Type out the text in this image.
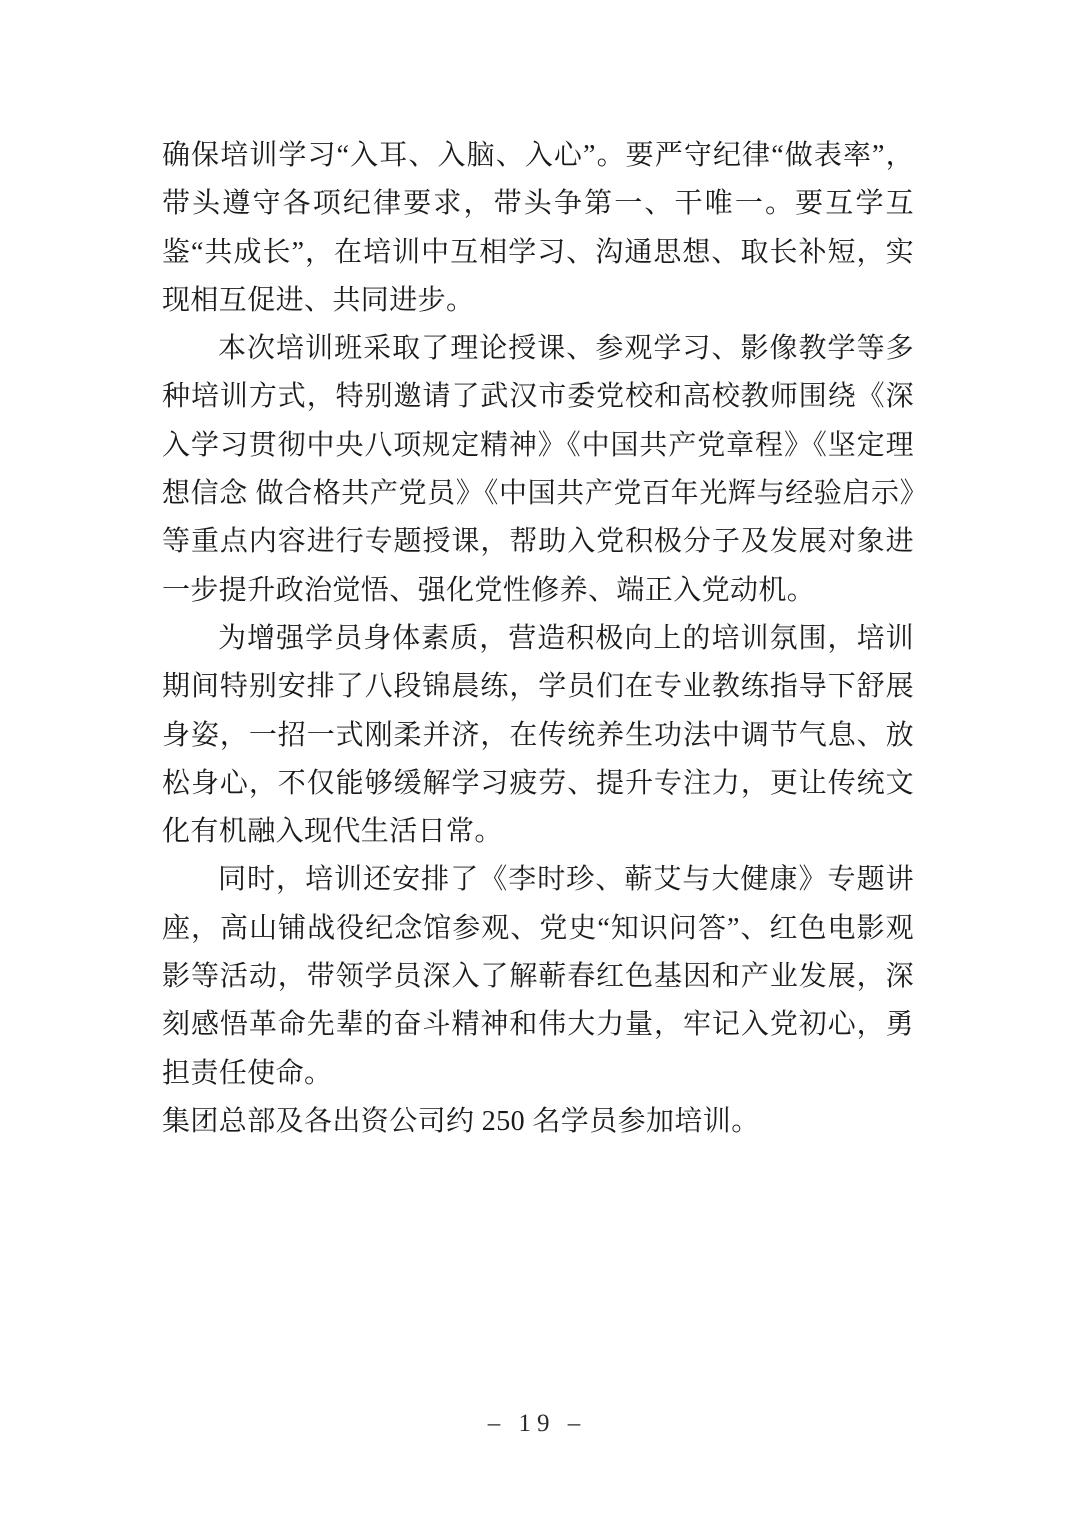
确保培训学习“入耳、入脑、入心”。要严守纪律“做表率”，带头遵守各项纪律要求，带头争第一、干唯一。要互学互鉴“共成长”，在培训中互相学习、沟通思想、取长补短，实现相互促进、共同进步。

本次培训班采取了理论授课、参观学习、影像教学等多种培训方式，特别邀请了武汉市委党校和高校教师围绕《深入学习贯彻中央八项规定精神》《中国共产党章程》《坚定理想信念 做合格共产党员》《中国共产党百年光辉与经验启示》等重点内容进行专题授课，帮助入党积极分子及发展对象进一步提升政治觉悟、强化党性修养、端正入党动机。

为增强学员身体素质，营造积极向上的培训氛围，培训期间特别安排了八段锦晨练，学员们在专业教练指导下舒展身姿，一招一式刚柔并济，在传统养生功法中调节气息、放松身心，不仅能够缓解学习疲劳、提升专注力，更让传统文化有机融入现代生活日常。

同时，培训还安排了《李时珍、蕲艾与大健康》专题讲座，高山铺战役纪念馆参观、党史“知识问答”、红色电影观影等活动，带领学员深入了解蕲春红色基因和产业发展，深刻感悟革命先辈的奋斗精神和伟大力量，牢记入党初心，勇担责任使命。

集团总部及各出资公司约 250 名学员参加培训。

– 19 –
